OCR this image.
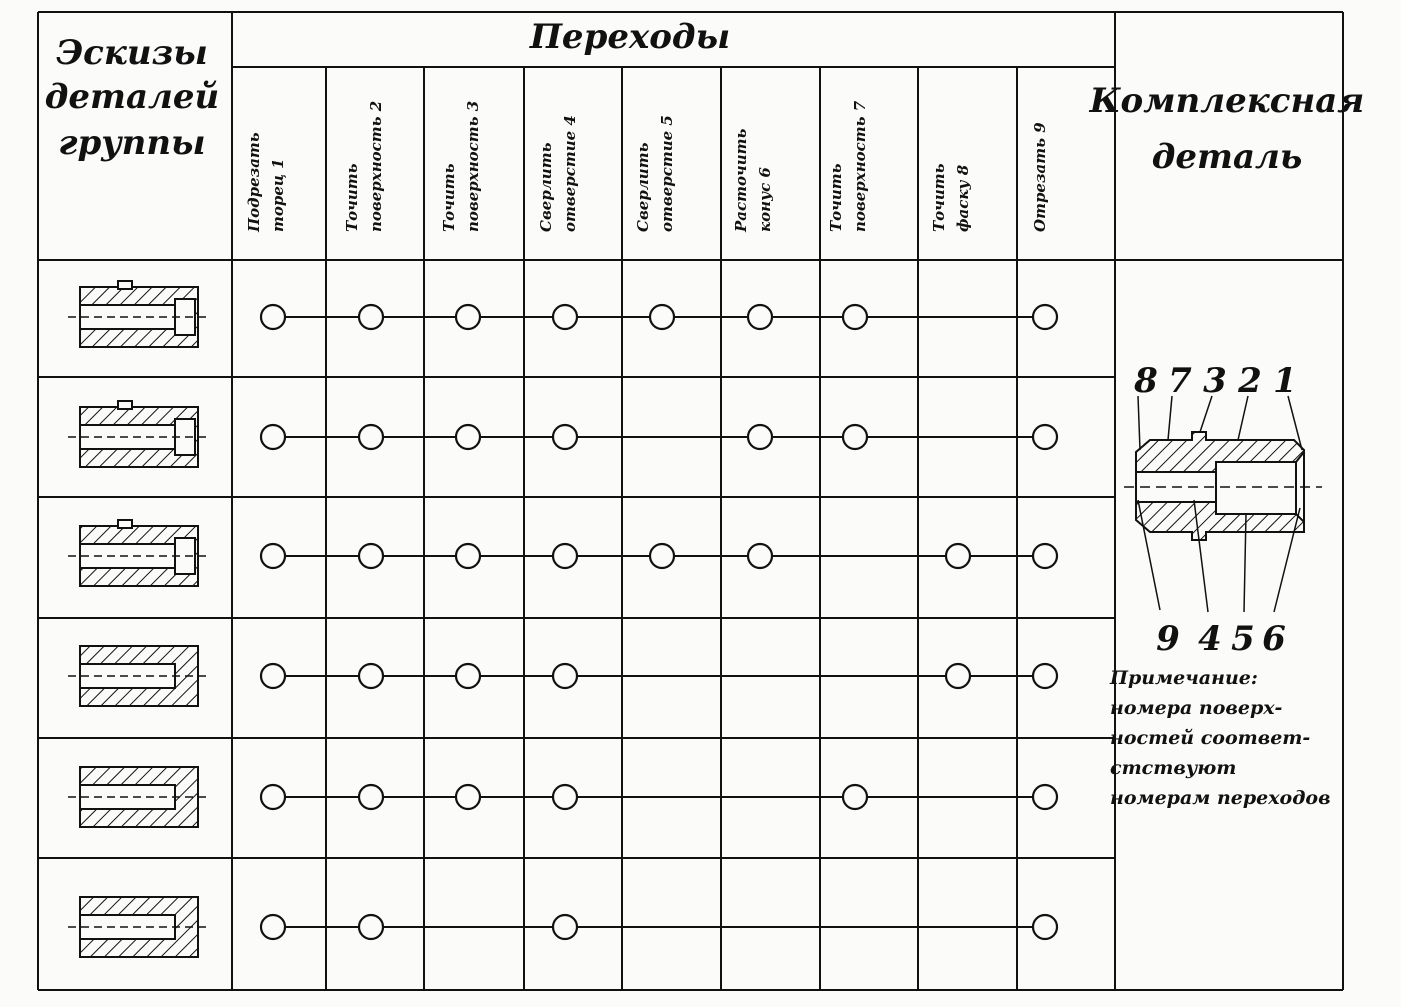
Эскизы
деталей
группы
Переходы
Комплексная
деталь
Подрезать торец 1	Точить поверхность 2	Точить поверхность 3	Сверлить отверстие 4	Сверлить отверстие 5	Расточить конус 6	Точить поверхность 7	Точить фаску 8	Отрезать 9
8 7 3 2 1
9 4 5 6
Примечание:
номера поверх-
ностей соответ-
стствуют
номерам переходов
